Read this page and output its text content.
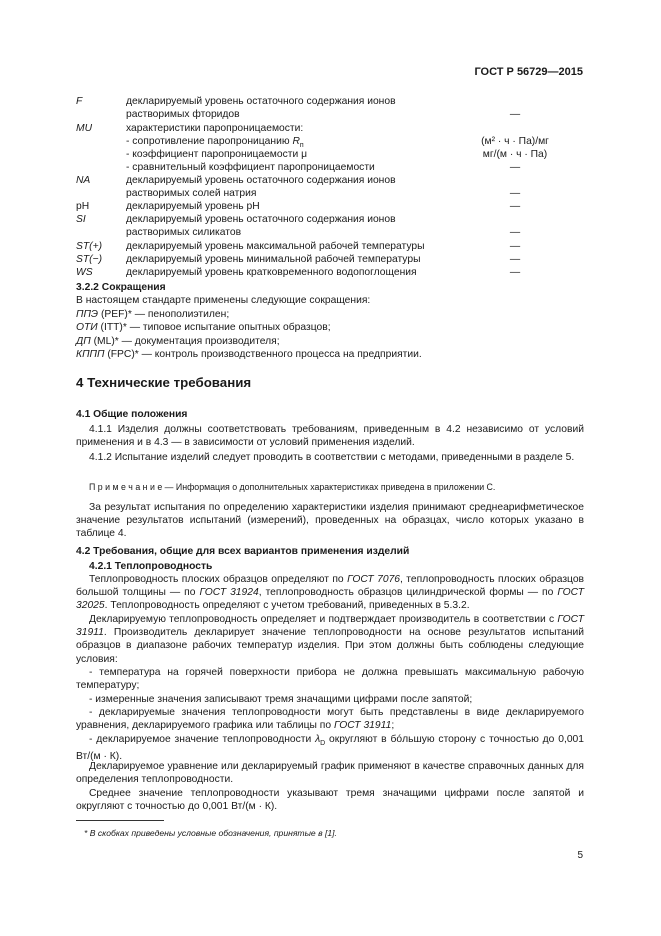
ГОСТ Р 56729—2015
F	декларируемый уровень остаточного содержания ионов
растворимых фторидов	—
MU	характеристики паропроницаемости:
- сопротивление паропроницанию $R_п$	(м² · ч · Па)/мг
- коэффициент паропроницаемости μ	мг/(м · ч · Па)
- сравнительный коэффициент паропроницаемости	—
NA	декларируемый уровень остаточного содержания ионов
растворимых солей натрия	—
pH	декларируемый уровень pH	—
SI	декларируемый уровень остаточного содержания ионов
растворимых силикатов	—
ST(+) декларируемый уровень максимальной рабочей температуры	—
ST(−) декларируемый уровень минимальной рабочей температуры	—
WS	декларируемый уровень кратковременного водопоглощения	—
3.2.2 Сокращения
В настоящем стандарте применены следующие сокращения:
ППЭ (PEF)* — пенополиэтилен;
ОТИ (ITT)* — типовое испытание опытных образцов;
ДП (ML)* — документация производителя;
КППП (FPC)* — контроль производственного процесса на предприятии.
4 Технические требования
4.1 Общие положения
4.1.1 Изделия должны соответствовать требованиям, приведенным в 4.2 независимо от условий применения и в 4.3 — в зависимости от условий применения изделий.
4.1.2 Испытание изделий следует проводить в соответствии с методами, приведенными в разделе 5.
П р и м е ч а н и е — Информация о дополнительных характеристиках приведена в приложении С.
За результат испытания по определению характеристики изделия принимают среднеарифметическое значение результатов испытаний (измерений), проведенных на образцах, число которых указано в таблице 4.
4.2 Требования, общие для всех вариантов применения изделий
4.2.1 Теплопроводность
Теплопроводность плоских образцов определяют по ГОСТ 7076, теплопроводность плоских образцов большой толщины — по ГОСТ 31924, теплопроводность образцов цилиндрической формы — по ГОСТ 32025. Теплопроводность определяют с учетом требований, приведенных в 5.3.2.
Декларируемую теплопроводность определяет и подтверждает производитель в соответствии с ГОСТ 31911. Производитель декларирует значение теплопроводности на основе результатов испытаний образцов в диапазоне рабочих температур изделия. При этом должны быть соблюдены следующие условия:
- температура на горячей поверхности прибора не должна превышать максимальную рабочую температуру;
- измеренные значения записывают тремя значащими цифрами после запятой;
- декларируемые значения теплопроводности могут быть представлены в виде декларируемого уравнения, декларируемого графика или таблицы по ГОСТ 31911;
- декларируемое значение теплопроводности $\lambda_D$ округляют в бóльшую сторону с точностью до 0,001 Вт/(м · К).
Декларируемое уравнение или декларируемый график применяют в качестве справочных данных для определения теплопроводности.
Среднее значение теплопроводности указывают тремя значащими цифрами после запятой и округляют с точностью до 0,001 Вт/(м · К).
* В скобках приведены условные обозначения, принятые в [1].
5
